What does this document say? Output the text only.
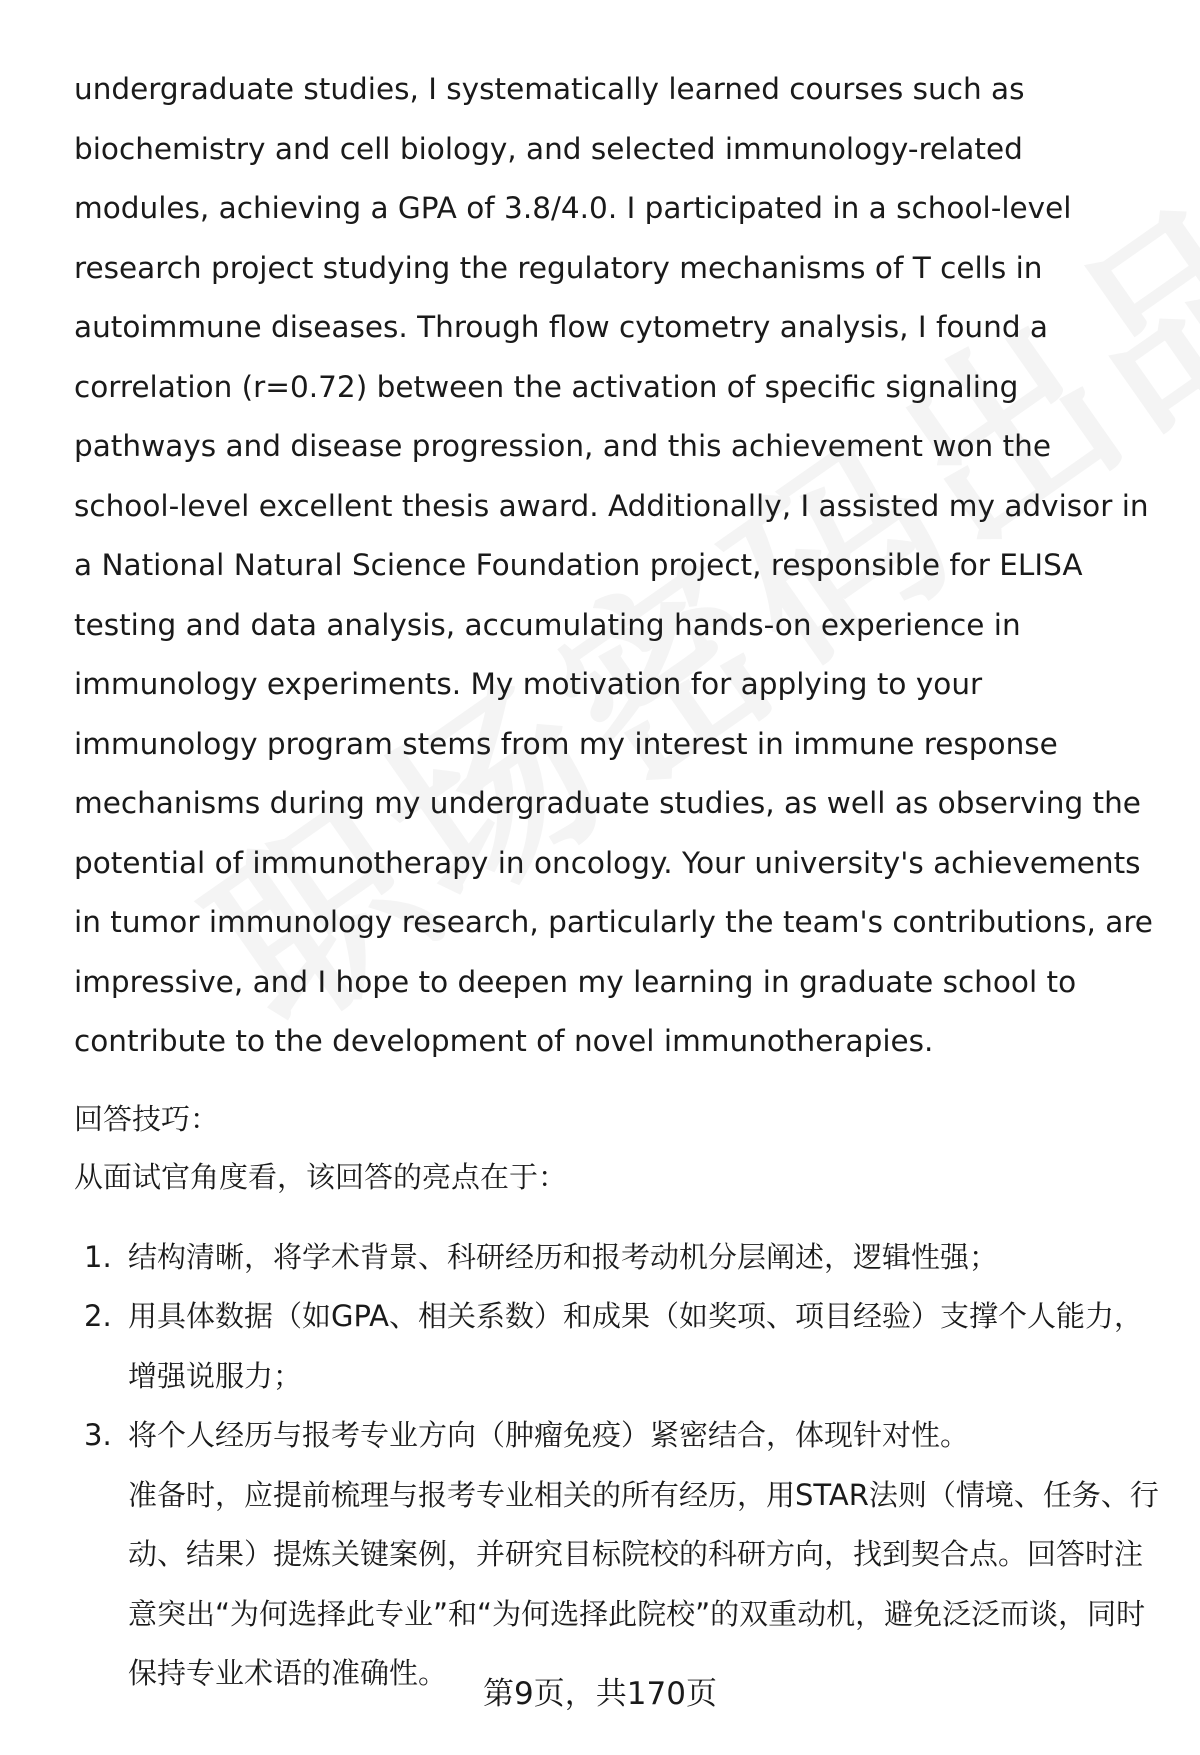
undergraduate studies, I systematically learned courses such as biochemistry and cell biology, and selected immunology-related modules, achieving a GPA of 3.8/4.0. I participated in a school-level research project studying the regulatory mechanisms of T cells in autoimmune diseases. Through flow cytometry analysis, I found a correlation (r=0.72) between the activation of specific signaling pathways and disease progression, and this achievement won the school-level excellent thesis award. Additionally, I assisted my advisor in a National Natural Science Foundation project, responsible for ELISA testing and data analysis, accumulating hands-on experience in immunology experiments. My motivation for applying to your immunology program stems from my interest in immune response mechanisms during my undergraduate studies, as well as observing the potential of immunotherapy in oncology. Your university's achievements in tumor immunology research, particularly the team's contributions, are impressive, and I hope to deepen my learning in graduate school to contribute to the development of novel immunotherapies.

回答技巧：

从面试官角度看，该回答的亮点在于：

1. 结构清晰，将学术背景、科研经历和报考动机分层阐述，逻辑性强；
2. 用具体数据（如GPA、相关系数）和成果（如奖项、项目经验）支撑个人能力，增强说服力；
3. 将个人经历与报考专业方向（肿瘤免疫）紧密结合，体现针对性。

准备时，应提前梳理与报考专业相关的所有经历，用STAR法则（情境、任务、行动、结果）提炼关键案例，并研究目标院校的科研方向，找到契合点。回答时注意突出“为何选择此专业”和“为何选择此院校”的双重动机，避免泛泛而谈，同时保持专业术语的准确性。

第9页，共170页
